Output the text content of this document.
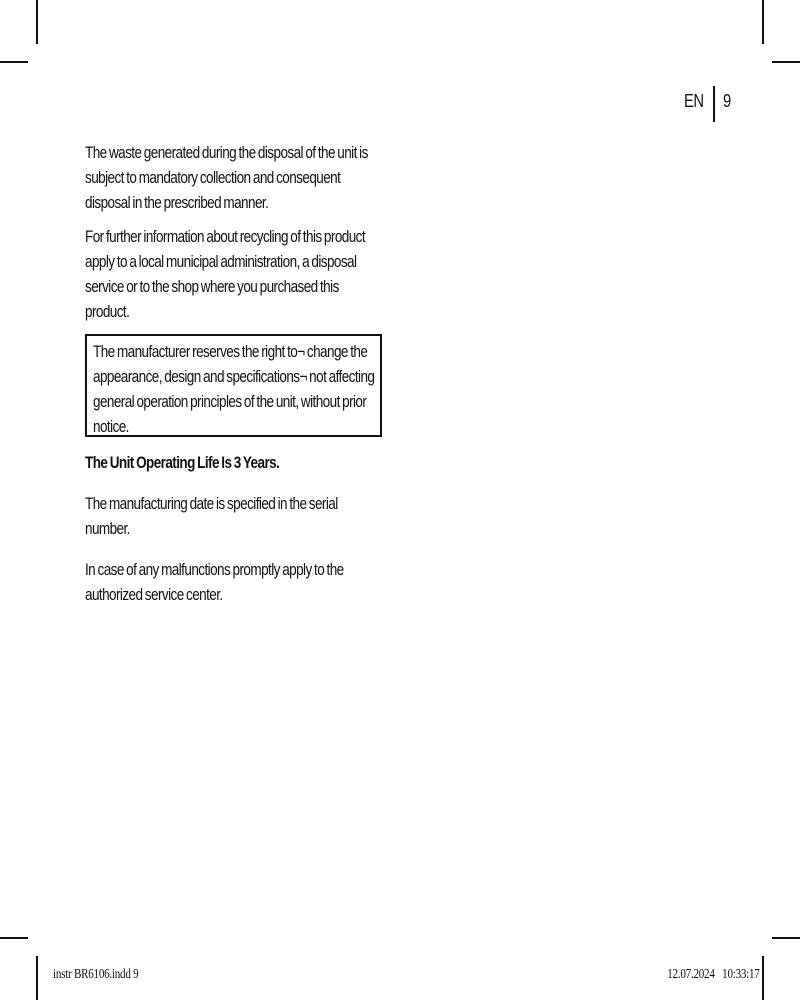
EN 9

The waste generated during the disposal of the unit is subject to mandatory collection and consequent disposal in the prescribed manner.

For further information about recycling of this product apply to a local municipal administration, a disposal service or to the shop where you purchased this product.

The manufacturer reserves the right to¬ change the appearance, design and specifications¬ not affecting general operation principles of the unit, without prior notice.

The Unit Operating Life Is 3 Years.

The manufacturing date is specified in the serial number.

In case of any malfunctions promptly apply to the authorized service center.

instr BR6106.indd 9	12.07.2024   10:33:17
